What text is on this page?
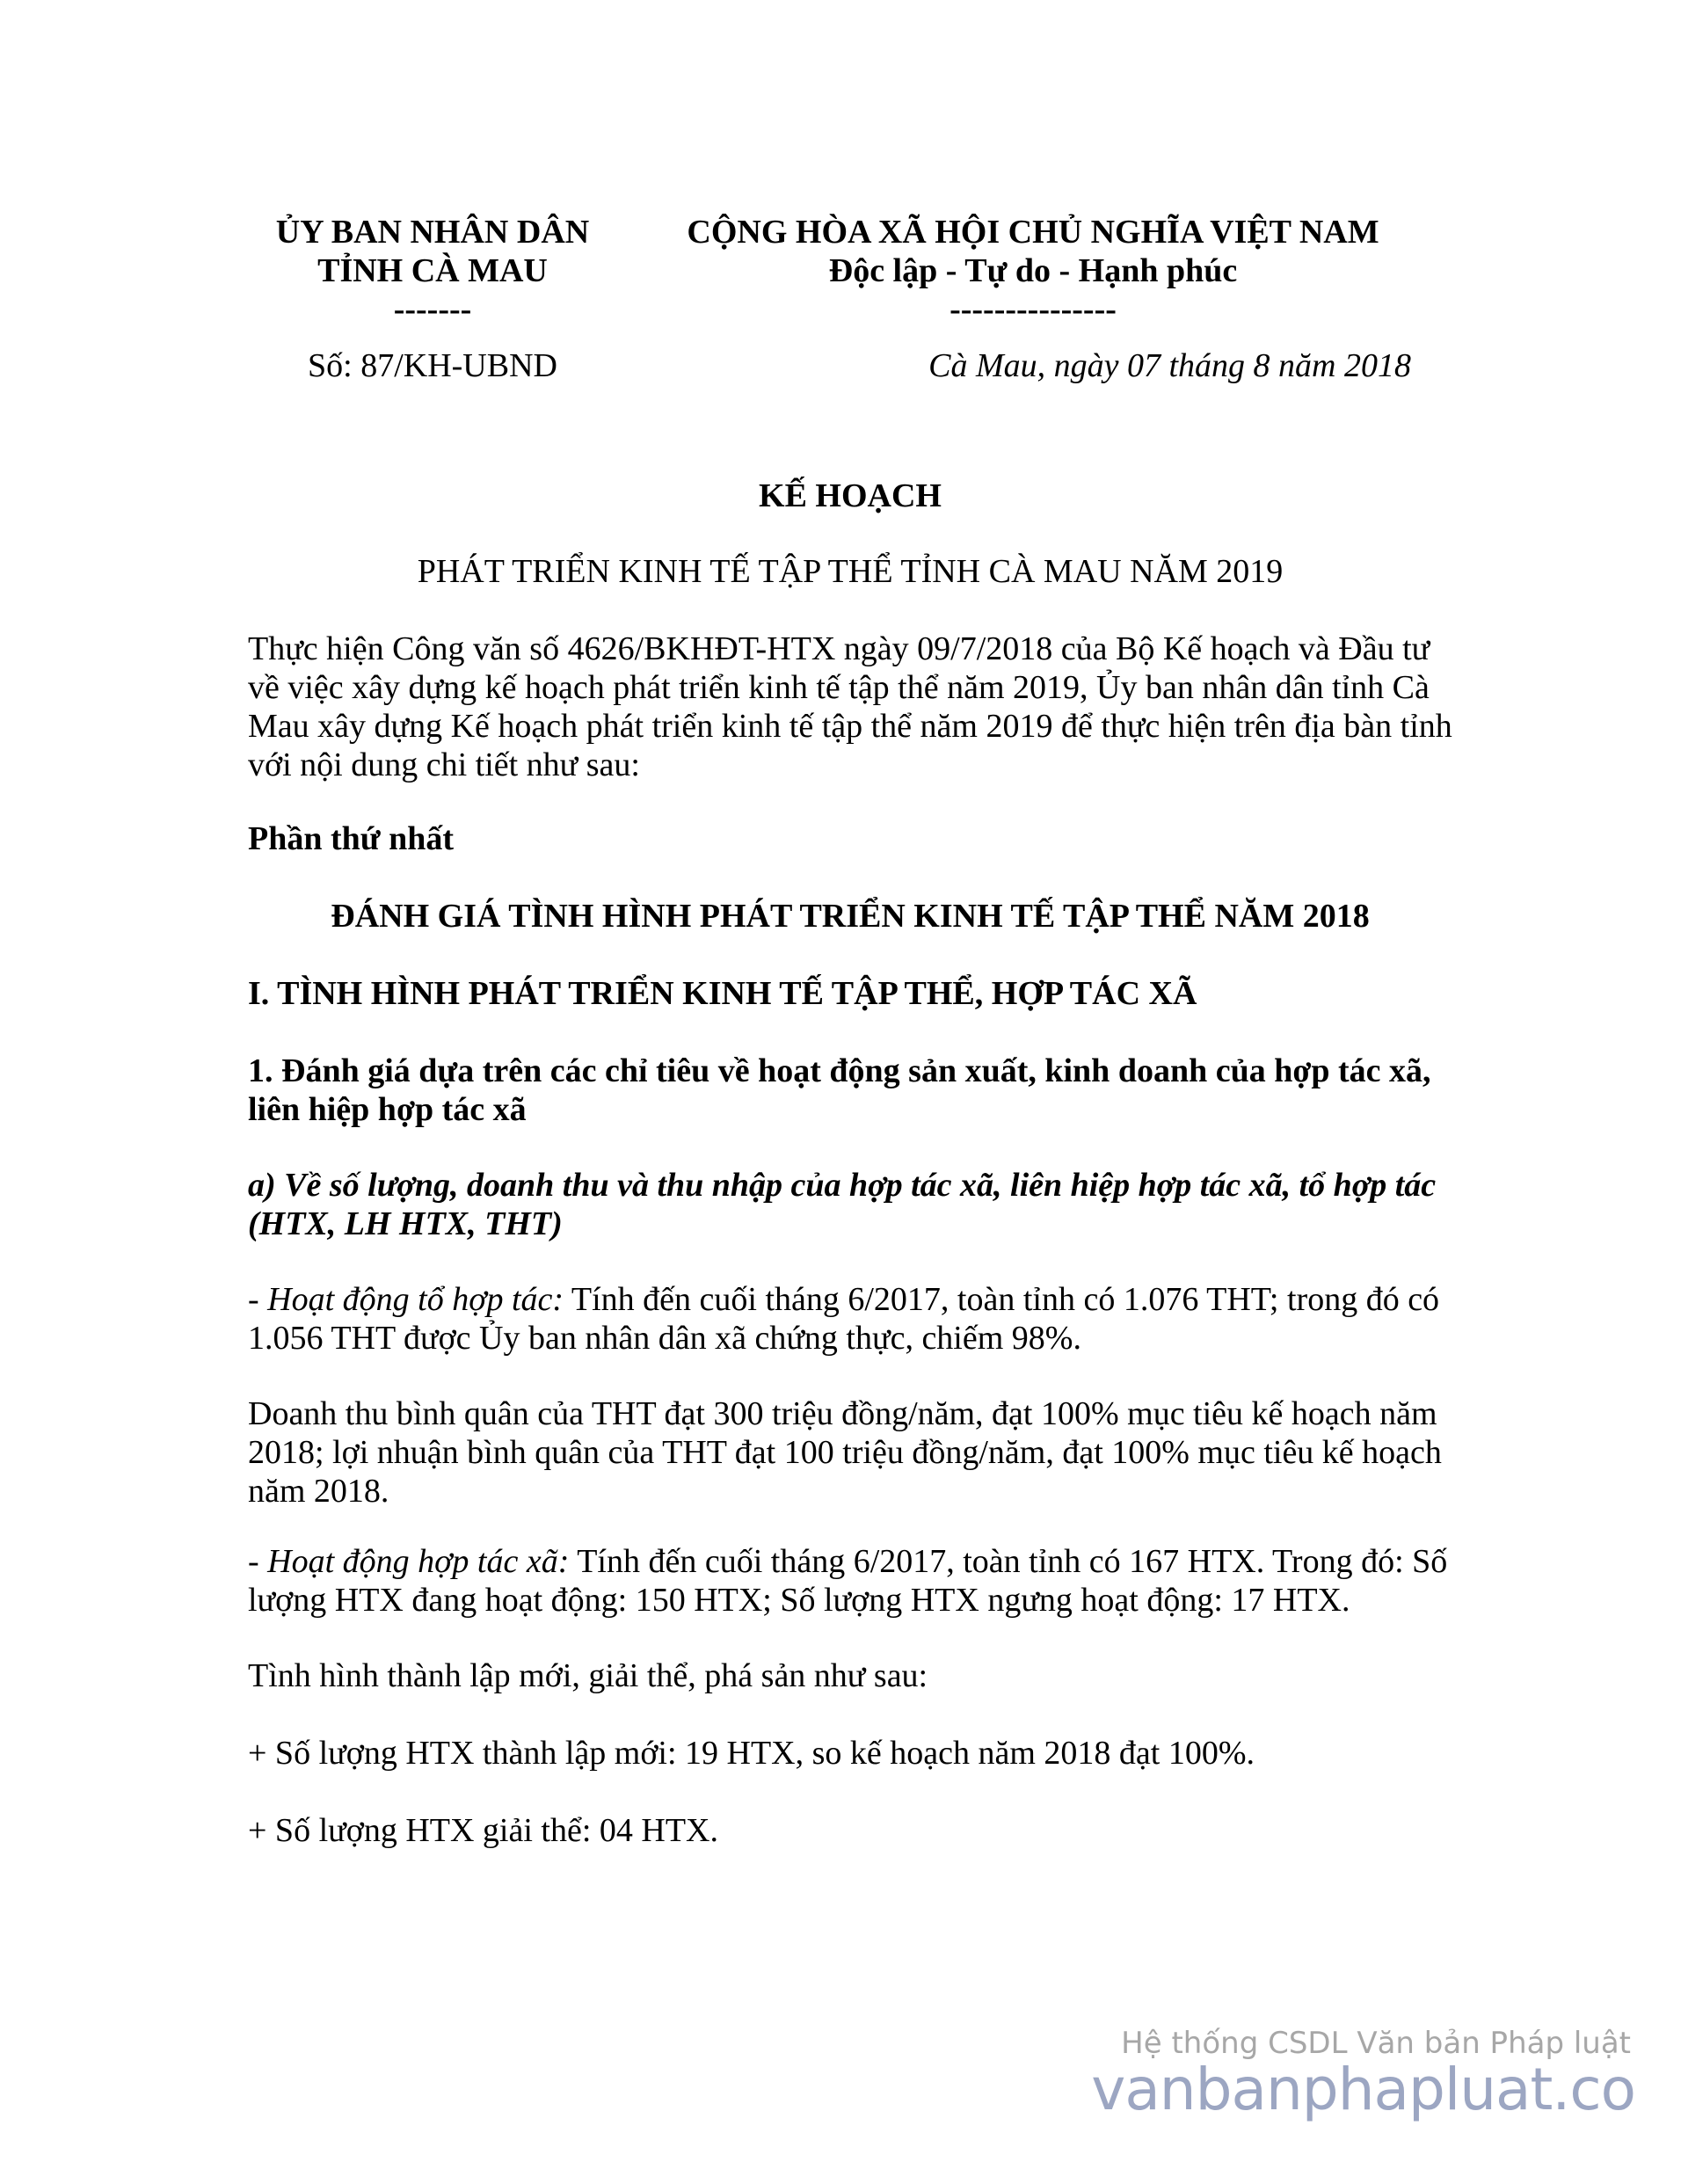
ỦY BAN NHÂN DÂN
TỈNH CÀ MAU
-------
CỘNG HÒA XÃ HỘI CHỦ NGHĨA VIỆT NAM
Độc lập - Tự do - Hạnh phúc
---------------
Số: 87/KH-UBND	Cà Mau, ngày 07 tháng 8 năm 2018
KẾ HOẠCH
PHÁT TRIỂN KINH TẾ TẬP THỂ TỈNH CÀ MAU NĂM 2019
Thực hiện Công văn số 4626/BKHĐT-HTX ngày 09/7/2018 của Bộ Kế hoạch và Đầu tư về việc xây dựng kế hoạch phát triển kinh tế tập thể năm 2019, Ủy ban nhân dân tỉnh Cà Mau xây dựng Kế hoạch phát triển kinh tế tập thể năm 2019 để thực hiện trên địa bàn tỉnh với nội dung chi tiết như sau:
Phần thứ nhất
ĐÁNH GIÁ TÌNH HÌNH PHÁT TRIỂN KINH TẾ TẬP THỂ NĂM 2018
I. TÌNH HÌNH PHÁT TRIỂN KINH TẾ TẬP THỂ, HỢP TÁC XÃ
1. Đánh giá dựa trên các chỉ tiêu về hoạt động sản xuất, kinh doanh của hợp tác xã, liên hiệp hợp tác xã
a) Về số lượng, doanh thu và thu nhập của hợp tác xã, liên hiệp hợp tác xã, tổ hợp tác (HTX, LH HTX, THT)
- Hoạt động tổ hợp tác: Tính đến cuối tháng 6/2017, toàn tỉnh có 1.076 THT; trong đó có 1.056 THT được Ủy ban nhân dân xã chứng thực, chiếm 98%.
Doanh thu bình quân của THT đạt 300 triệu đồng/năm, đạt 100% mục tiêu kế hoạch năm 2018; lợi nhuận bình quân của THT đạt 100 triệu đồng/năm, đạt 100% mục tiêu kế hoạch năm 2018.
- Hoạt động hợp tác xã: Tính đến cuối tháng 6/2017, toàn tỉnh có 167 HTX. Trong đó: Số lượng HTX đang hoạt động: 150 HTX; Số lượng HTX ngưng hoạt động: 17 HTX.
Tình hình thành lập mới, giải thể, phá sản như sau:
+ Số lượng HTX thành lập mới: 19 HTX, so kế hoạch năm 2018 đạt 100%.
+ Số lượng HTX giải thể: 04 HTX.
Hệ thống CSDL Văn bản Pháp luật
vanbanphapluat.co
